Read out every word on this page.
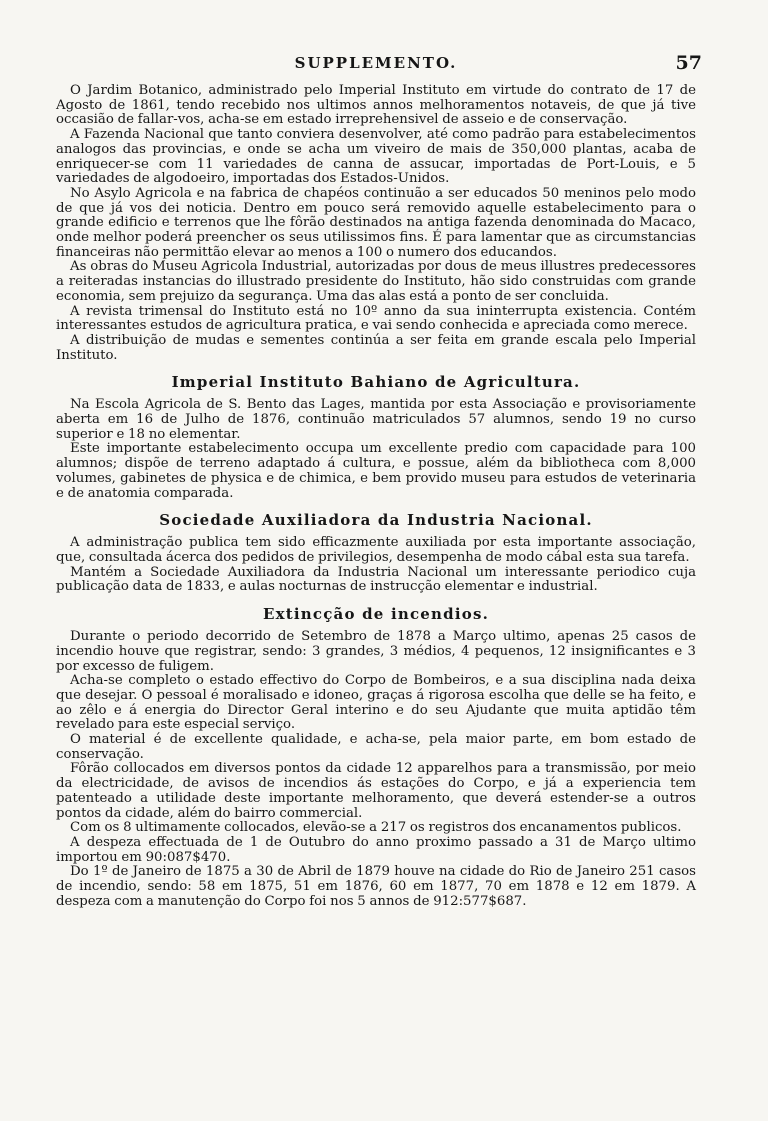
SUPPLEMENTO.	57

O Jardim Botanico, administrado pelo Imperial Instituto em virtude do contrato de 17 de Agosto de 1861, tendo recebido nos ultimos annos melhoramentos notaveis, de que já tive occasião de fallar-vos, acha-se em estado irreprehensivel de asseio e de conservação.

A Fazenda Nacional que tanto conviera desenvolver, até como padrão para estabelecimentos analogos das provincias, e onde se acha um viveiro de mais de 350,000 plantas, acaba de enriquecer-se com 11 variedades de canna de assucar, importadas de Port-Louis, e 5 variedades de algodoeiro, importadas dos Estados-Unidos.

No Asylo Agricola e na fabrica de chapéos continuão a ser educados 50 meninos pelo modo de que já vos dei noticia. Dentro em pouco será removido aquelle estabelecimento para o grande edificio e terrenos que lhe fôrão destinados na antiga fazenda denominada do Macaco, onde melhor poderá preencher os seus utilissimos fins. É para lamentar que as circumstancias financeiras não permittão elevar ao menos a 100 o numero dos educandos.

As obras do Museu Agricola Industrial, autorizadas por dous de meus illustres predecessores a reiteradas instancias do illustrado presidente do Instituto, hão sido construidas com grande economia, sem prejuizo da segurança. Uma das alas está a ponto de ser concluida.

A revista trimensal do Instituto está no 10º anno da sua ininterrupta existencia. Contém interessantes estudos de agricultura pratica, e vai sendo conhecida e apreciada como merece.

A distribuição de mudas e sementes continúa a ser feita em grande escala pelo Imperial Instituto.

Imperial Instituto Bahiano de Agricultura.

Na Escola Agricola de S. Bento das Lages, mantida por esta Associação e provisoriamente aberta em 16 de Julho de 1876, continuão matriculados 57 alumnos, sendo 19 no curso superior e 18 no elementar.

Este importante estabelecimento occupa um excellente predio com capacidade para 100 alumnos; dispõe de terreno adaptado á cultura, e possue, além da bibliotheca com 8,000 volumes, gabinetes de physica e de chimica, e bem provido museu para estudos de veterinaria e de anatomia comparada.

Sociedade Auxiliadora da Industria Nacional.

A administração publica tem sido efficazmente auxiliada por esta importante associação, que, consultada ácerca dos pedidos de privilegios, desempenha de modo cábal esta sua tarefa.

Mantém a Sociedade Auxiliadora da Industria Nacional um interessante periodico cuja publicação data de 1833, e aulas nocturnas de instrucção elementar e industrial.

Extincção de incendios.

Durante o periodo decorrido de Setembro de 1878 a Março ultimo, apenas 25 casos de incendio houve que registrar, sendo: 3 grandes, 3 médios, 4 pequenos, 12 insignificantes e 3 por excesso de fuligem.

Acha-se completo o estado effectivo do Corpo de Bombeiros, e a sua disciplina nada deixa que desejar. O pessoal é moralisado e idoneo, graças á rigorosa escolha que delle se ha feito, e ao zêlo e á energia do Director Geral interino e do seu Ajudante que muita aptidão têm revelado para este especial serviço.

O material é de excellente qualidade, e acha-se, pela maior parte, em bom estado de conservação.

Fôrão collocados em diversos pontos da cidade 12 apparelhos para a transmissão, por meio da electricidade, de avisos de incendios ás estações do Corpo, e já a experiencia tem patenteado a utilidade deste importante melhoramento, que deverá estender-se a outros pontos da cidade, além do bairro commercial.

Com os 8 ultimamente collocados, elevão-se a 217 os registros dos encanamentos publicos.

A despeza effectuada de 1 de Outubro do anno proximo passado a 31 de Março ultimo importou em 90:087$470.

Do 1º de Janeiro de 1875 a 30 de Abril de 1879 houve na cidade do Rio de Janeiro 251 casos de incendio, sendo: 58 em 1875, 51 em 1876, 60 em 1877, 70 em 1878 e 12 em 1879. A despeza com a manutenção do Corpo foi nos 5 annos de 912:577$687.
